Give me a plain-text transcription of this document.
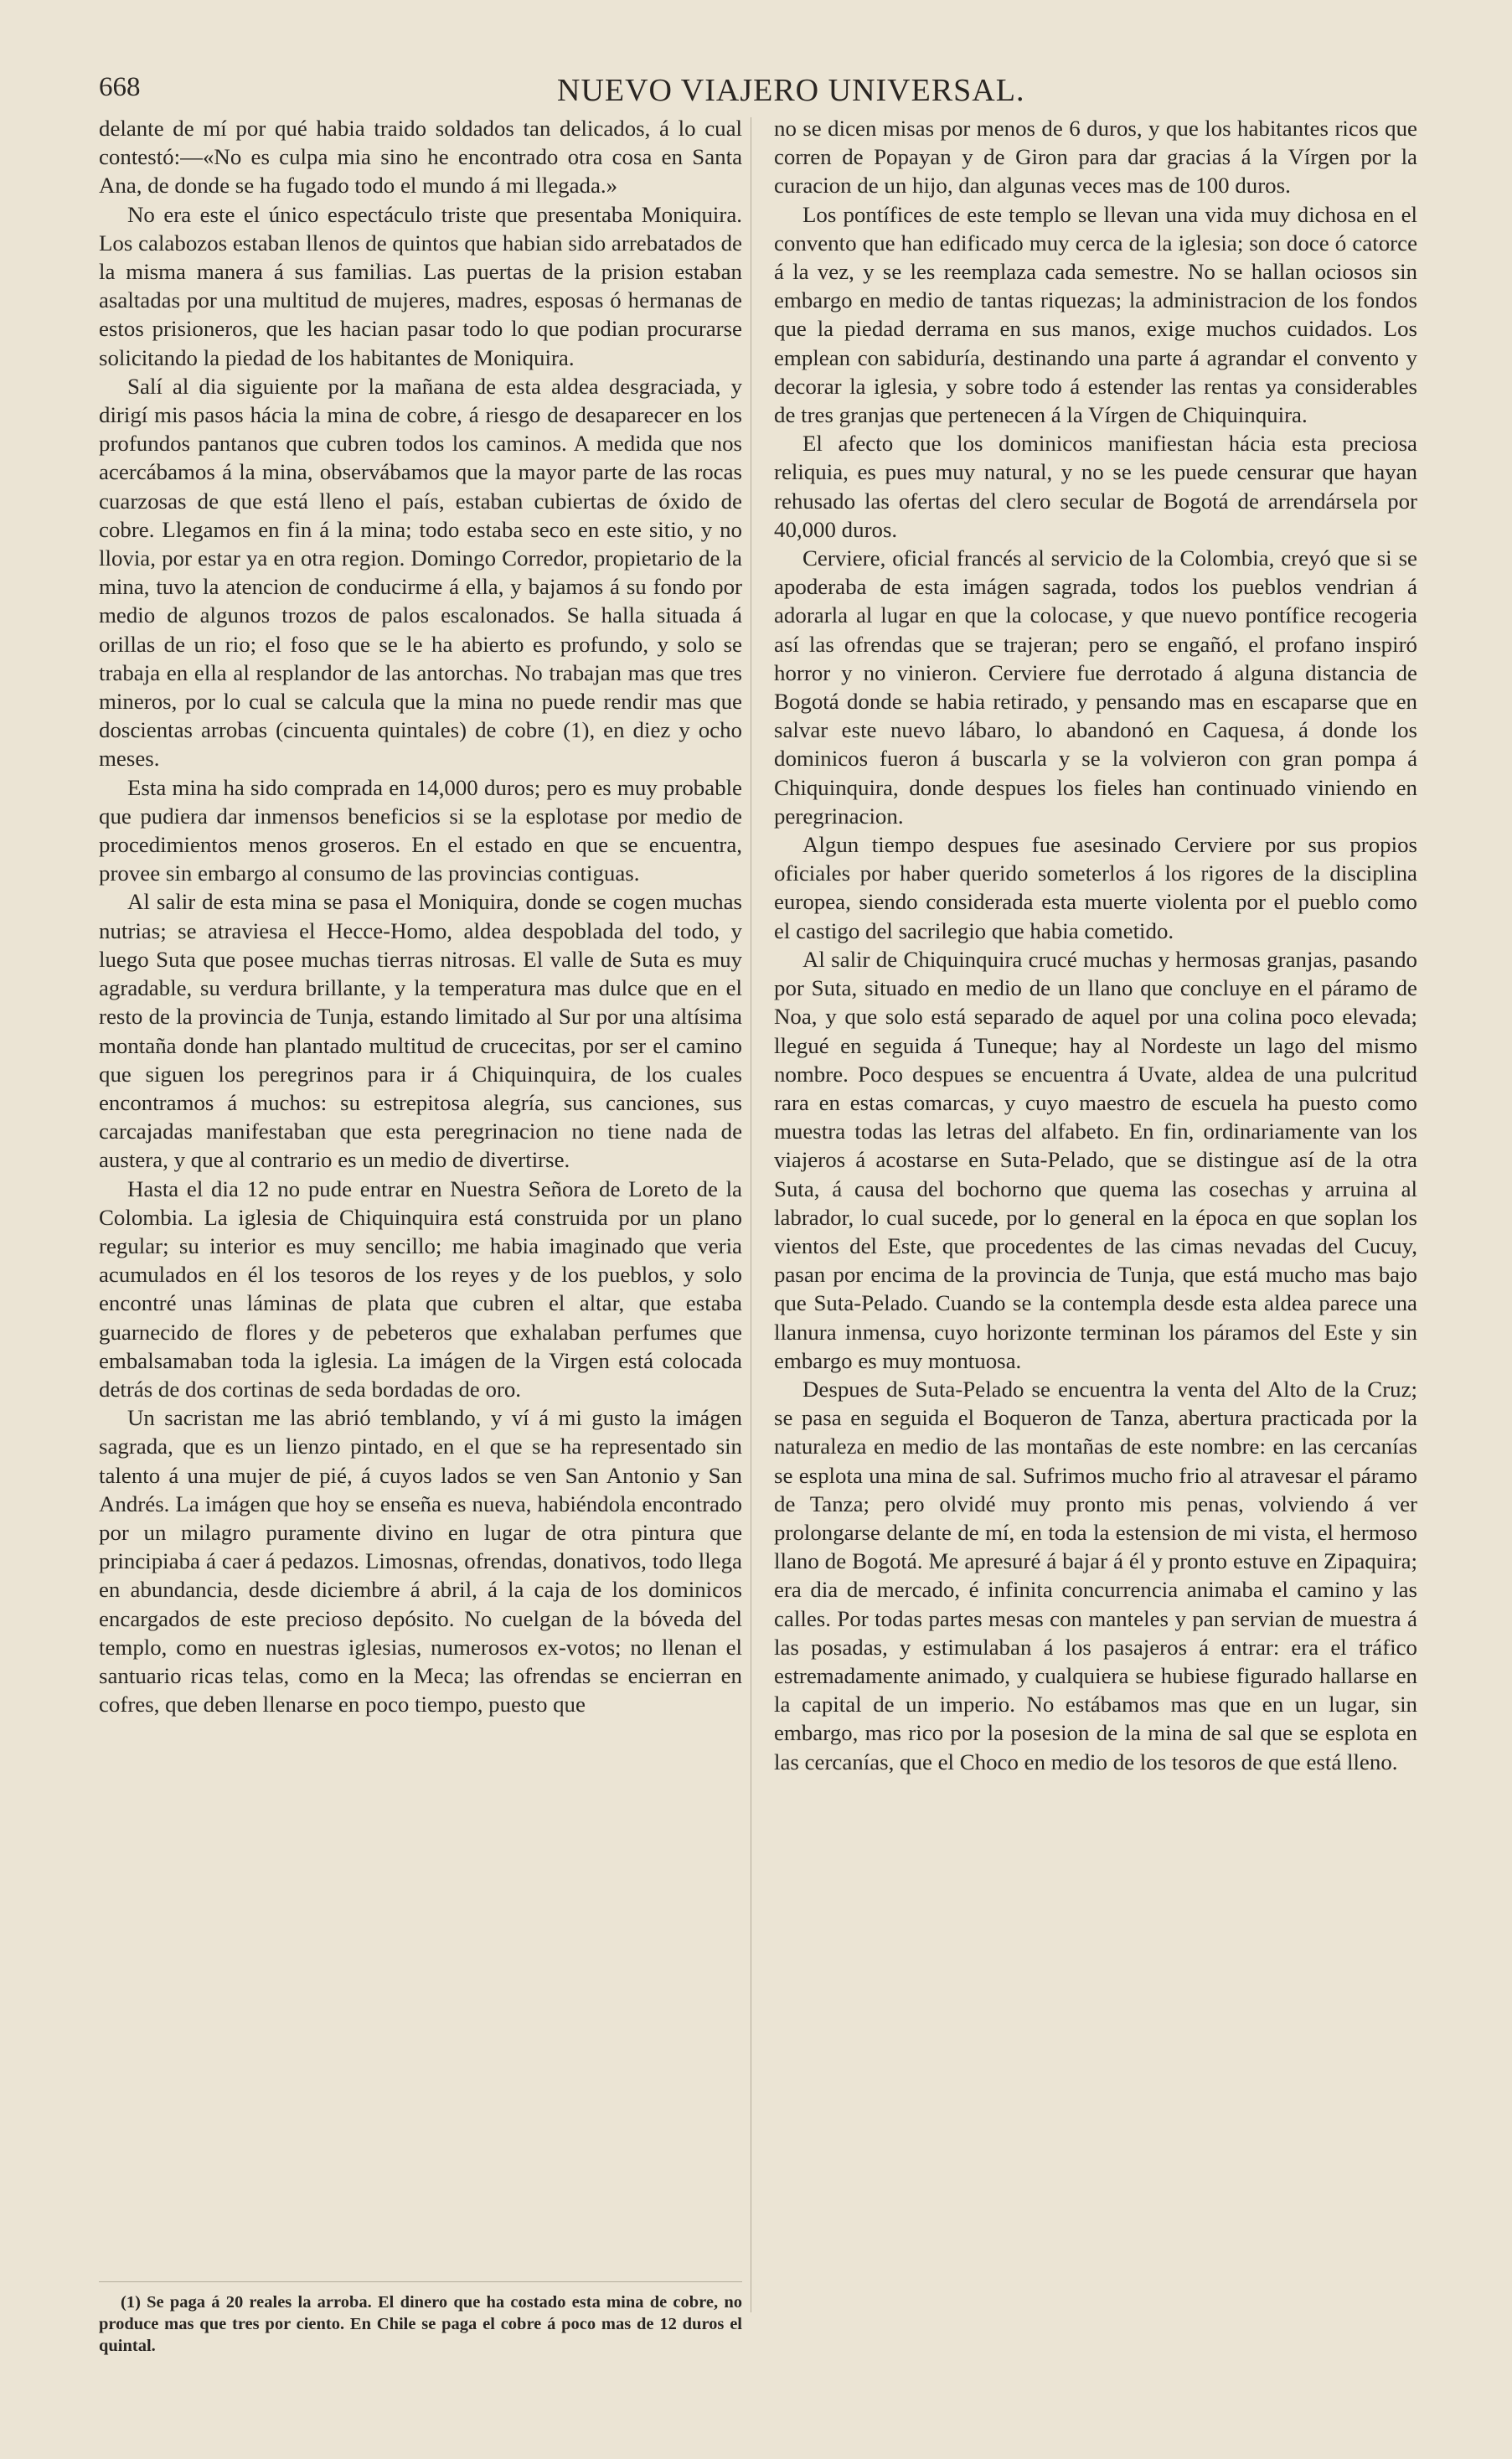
668	NUEVO VIAJERO UNIVERSAL.

delante de mí por qué habia traido soldados tan delicados, á lo cual contestó:—«No es culpa mia sino he encontrado otra cosa en Santa Ana, de donde se ha fugado todo el mundo á mi llegada.»

No era este el único espectáculo triste que presentaba Moniquira. Los calabozos estaban llenos de quintos que habian sido arrebatados de la misma manera á sus familias. Las puertas de la prision estaban asaltadas por una multitud de mujeres, madres, esposas ó hermanas de estos prisioneros, que les hacian pasar todo lo que podian procurarse solicitando la piedad de los habitantes de Moniquira.

Salí al dia siguiente por la mañana de esta aldea desgraciada, y dirigí mis pasos hácia la mina de cobre, á riesgo de desaparecer en los profundos pantanos que cubren todos los caminos. A medida que nos acercábamos á la mina, observábamos que la mayor parte de las rocas cuarzosas de que está lleno el país, estaban cubiertas de óxido de cobre. Llegamos en fin á la mina; todo estaba seco en este sitio, y no llovia, por estar ya en otra region. Domingo Corredor, propietario de la mina, tuvo la atencion de conducirme á ella, y bajamos á su fondo por medio de algunos trozos de palos escalonados. Se halla situada á orillas de un rio; el foso que se le ha abierto es profundo, y solo se trabaja en ella al resplandor de las antorchas. No trabajan mas que tres mineros, por lo cual se calcula que la mina no puede rendir mas que doscientas arrobas (cincuenta quintales) de cobre (1), en diez y ocho meses.

Esta mina ha sido comprada en 14,000 duros; pero es muy probable que pudiera dar inmensos beneficios si se la esplotase por medio de procedimientos menos groseros. En el estado en que se encuentra, provee sin embargo al consumo de las provincias contiguas.

Al salir de esta mina se pasa el Moniquira, donde se cogen muchas nutrias; se atraviesa el Hecce-Homo, aldea despoblada del todo, y luego Suta que posee muchas tierras nitrosas. El valle de Suta es muy agradable, su verdura brillante, y la temperatura mas dulce que en el resto de la provincia de Tunja, estando limitado al Sur por una altísima montaña donde han plantado multitud de crucecitas, por ser el camino que siguen los peregrinos para ir á Chiquinquira, de los cuales encontramos á muchos: su estrepitosa alegría, sus canciones, sus carcajadas manifestaban que esta peregrinacion no tiene nada de austera, y que al contrario es un medio de divertirse.

Hasta el dia 12 no pude entrar en Nuestra Señora de Loreto de la Colombia. La iglesia de Chiquinquira está construida por un plano regular; su interior es muy sencillo; me habia imaginado que veria acumulados en él los tesoros de los reyes y de los pueblos, y solo encontré unas láminas de plata que cubren el altar, que estaba guarnecido de flores y de pebeteros que exhalaban perfumes que embalsamaban toda la iglesia. La imágen de la Virgen está colocada detrás de dos cortinas de seda bordadas de oro.

Un sacristan me las abrió temblando, y ví á mi gusto la imágen sagrada, que es un lienzo pintado, en el que se ha representado sin talento á una mujer de pié, á cuyos lados se ven San Antonio y San Andrés. La imágen que hoy se enseña es nueva, habiéndola encontrado por un milagro puramente divino en lugar de otra pintura que principiaba á caer á pedazos. Limosnas, ofrendas, donativos, todo llega en abundancia, desde diciembre á abril, á la caja de los dominicos encargados de este precioso depósito. No cuelgan de la bóveda del templo, como en nuestras iglesias, numerosos ex-votos; no llenan el santuario ricas telas, como en la Meca; las ofrendas se encierran en cofres, que deben llenarse en poco tiempo, puesto que

no se dicen misas por menos de 6 duros, y que los habitantes ricos que corren de Popayan y de Giron para dar gracias á la Vírgen por la curacion de un hijo, dan algunas veces mas de 100 duros.

Los pontífices de este templo se llevan una vida muy dichosa en el convento que han edificado muy cerca de la iglesia; son doce ó catorce á la vez, y se les reemplaza cada semestre. No se hallan ociosos sin embargo en medio de tantas riquezas; la administracion de los fondos que la piedad derrama en sus manos, exige muchos cuidados. Los emplean con sabiduría, destinando una parte á agrandar el convento y decorar la iglesia, y sobre todo á estender las rentas ya considerables de tres granjas que pertenecen á la Vírgen de Chiquinquira.

El afecto que los dominicos manifiestan hácia esta preciosa reliquia, es pues muy natural, y no se les puede censurar que hayan rehusado las ofertas del clero secular de Bogotá de arrendársela por 40,000 duros.

Cerviere, oficial francés al servicio de la Colombia, creyó que si se apoderaba de esta imágen sagrada, todos los pueblos vendrian á adorarla al lugar en que la colocase, y que nuevo pontífice recogeria así las ofrendas que se trajeran; pero se engañó, el profano inspiró horror y no vinieron. Cerviere fue derrotado á alguna distancia de Bogotá donde se habia retirado, y pensando mas en escaparse que en salvar este nuevo lábaro, lo abandonó en Caquesa, á donde los dominicos fueron á buscarla y se la volvieron con gran pompa á Chiquinquira, donde despues los fieles han continuado viniendo en peregrinacion.

Algun tiempo despues fue asesinado Cerviere por sus propios oficiales por haber querido someterlos á los rigores de la disciplina europea, siendo considerada esta muerte violenta por el pueblo como el castigo del sacrilegio que habia cometido.

Al salir de Chiquinquira crucé muchas y hermosas granjas, pasando por Suta, situado en medio de un llano que concluye en el páramo de Noa, y que solo está separado de aquel por una colina poco elevada; llegué en seguida á Tuneque; hay al Nordeste un lago del mismo nombre. Poco despues se encuentra á Uvate, aldea de una pulcritud rara en estas comarcas, y cuyo maestro de escuela ha puesto como muestra todas las letras del alfabeto. En fin, ordinariamente van los viajeros á acostarse en Suta-Pelado, que se distingue así de la otra Suta, á causa del bochorno que quema las cosechas y arruina al labrador, lo cual sucede, por lo general en la época en que soplan los vientos del Este, que procedentes de las cimas nevadas del Cucuy, pasan por encima de la provincia de Tunja, que está mucho mas bajo que Suta-Pelado. Cuando se la contempla desde esta aldea parece una llanura inmensa, cuyo horizonte terminan los páramos del Este y sin embargo es muy montuosa.

Despues de Suta-Pelado se encuentra la venta del Alto de la Cruz; se pasa en seguida el Boqueron de Tanza, abertura practicada por la naturaleza en medio de las montañas de este nombre: en las cercanías se esplota una mina de sal. Sufrimos mucho frio al atravesar el páramo de Tanza; pero olvidé muy pronto mis penas, volviendo á ver prolongarse delante de mí, en toda la estension de mi vista, el hermoso llano de Bogotá. Me apresuré á bajar á él y pronto estuve en Zipaquira; era dia de mercado, é infinita concurrencia animaba el camino y las calles. Por todas partes mesas con manteles y pan servian de muestra á las posadas, y estimulaban á los pasajeros á entrar: era el tráfico estremadamente animado, y cualquiera se hubiese figurado hallarse en la capital de un imperio. No estábamos mas que en un lugar, sin embargo, mas rico por la posesion de la mina de sal que se esplota en las cercanías, que el Choco en medio de los tesoros de que está lleno.

(1) Se paga á 20 reales la arroba. El dinero que ha costado esta mina de cobre, no produce mas que tres por ciento. En Chile se paga el cobre á poco mas de 12 duros el quintal.
